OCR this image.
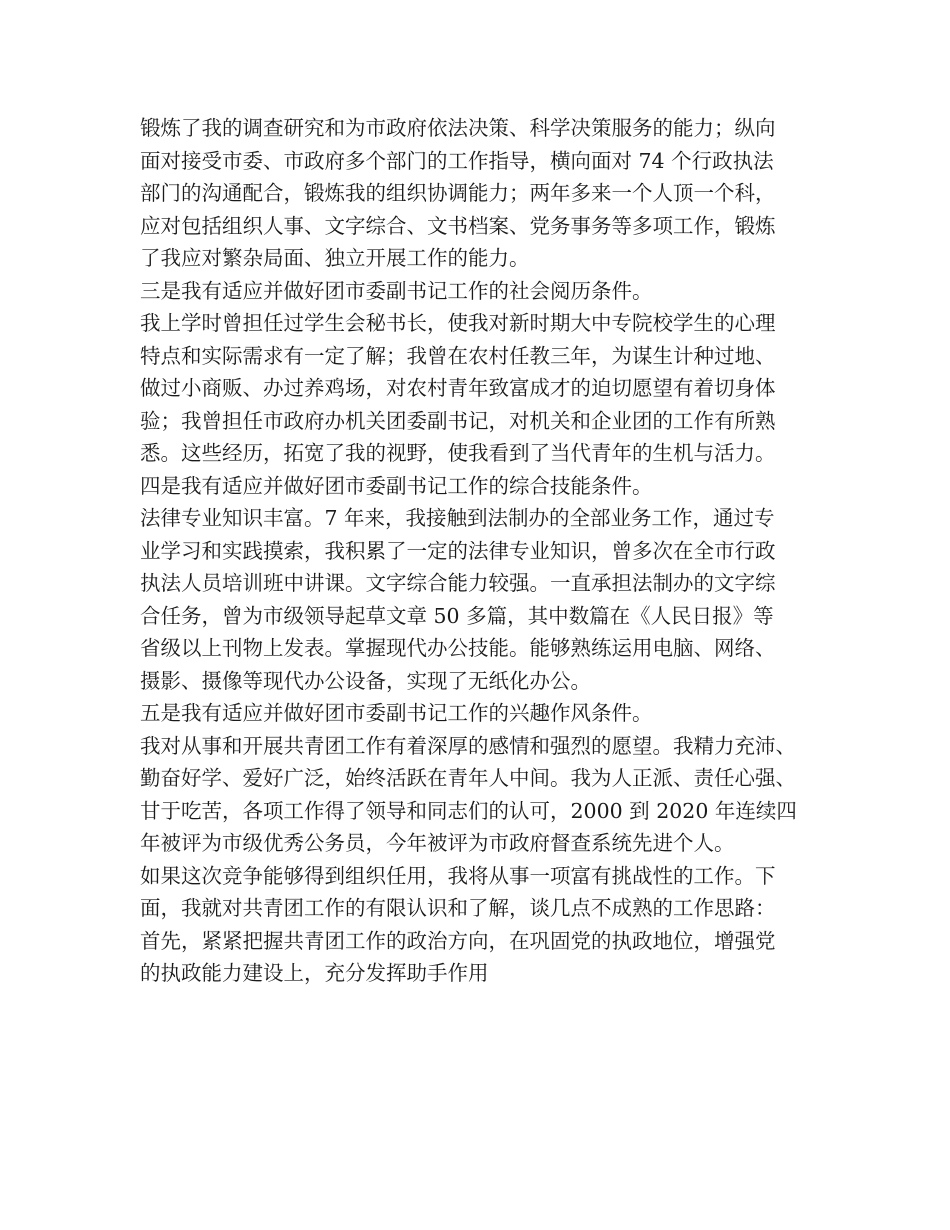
锻炼了我的调查研究和为市政府依法决策、科学决策服务的能力；纵向

面对接受市委、市政府多个部门的工作指导，横向面对 74 个行政执法

部门的沟通配合，锻炼我的组织协调能力；两年多来一个人顶一个科，

应对包括组织人事、文字综合、文书档案、党务事务等多项工作，锻炼

了我应对繁杂局面、独立开展工作的能力。

三是我有适应并做好团市委副书记工作的社会阅历条件。

我上学时曾担任过学生会秘书长，使我对新时期大中专院校学生的心理

特点和实际需求有一定了解；我曾在农村任教三年，为谋生计种过地、

做过小商贩、办过养鸡场，对农村青年致富成才的迫切愿望有着切身体

验；我曾担任市政府办机关团委副书记，对机关和企业团的工作有所熟

悉。这些经历，拓宽了我的视野，使我看到了当代青年的生机与活力。

四是我有适应并做好团市委副书记工作的综合技能条件。

法律专业知识丰富。7 年来，我接触到法制办的全部业务工作，通过专

业学习和实践摸索，我积累了一定的法律专业知识，曾多次在全市行政

执法人员培训班中讲课。文字综合能力较强。一直承担法制办的文字综

合任务，曾为市级领导起草文章 50 多篇，其中数篇在《人民日报》等

省级以上刊物上发表。掌握现代办公技能。能够熟练运用电脑、网络、

摄影、摄像等现代办公设备，实现了无纸化办公。

五是我有适应并做好团市委副书记工作的兴趣作风条件。

我对从事和开展共青团工作有着深厚的感情和强烈的愿望。我精力充沛、

勤奋好学、爱好广泛，始终活跃在青年人中间。我为人正派、责任心强、

甘于吃苦，各项工作得了领导和同志们的认可，2000 到 2020 年连续四

年被评为市级优秀公务员，今年被评为市政府督查系统先进个人。

如果这次竞争能够得到组织任用，我将从事一项富有挑战性的工作。下

面，我就对共青团工作的有限认识和了解，谈几点不成熟的工作思路：

首先，紧紧把握共青团工作的政治方向，在巩固党的执政地位，增强党

的执政能力建设上，充分发挥助手作用
